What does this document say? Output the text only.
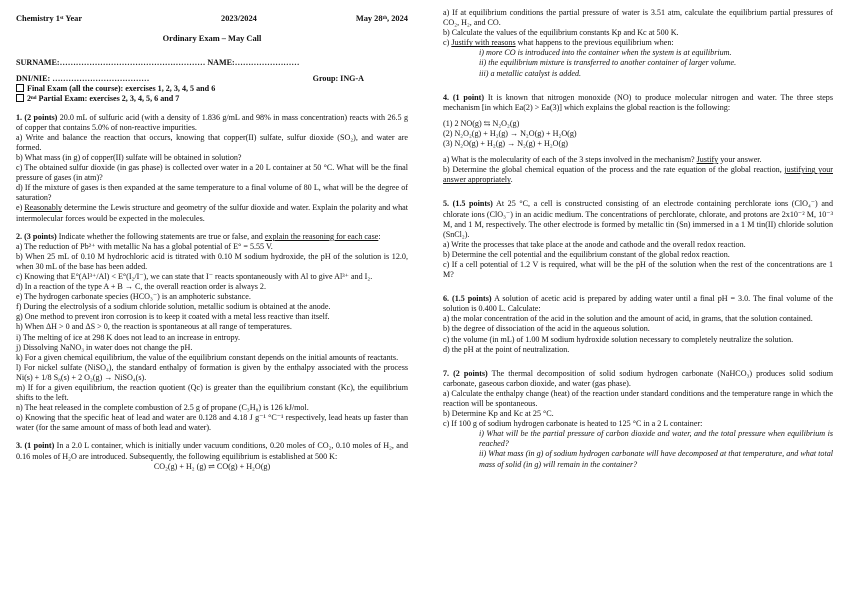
Chemistry 1ˢᵗ Year	2023/2024	May 28ᵗʰ, 2024
Ordinary Exam – May Call
SURNAME:……………………………………………… NAME:……………………
DNI/NIE: ………………………………	Group: ING-A
Final Exam (all the course): exercises 1, 2, 3, 4, 5 and 6
2ⁿᵈ Partial Exam: exercises 2, 3, 4, 5, 6 and 7

1. (2 points) 20.0 mL of sulfuric acid (with a density of 1.836 g/mL and 98% in mass concentration) reacts with 26.5 g of copper that contains 5.0% of non-reactive impurities.

a) Write and balance the reaction that occurs, knowing that copper(II) sulfate, sulfur dioxide (SO₂), and water are formed.

b) What mass (in g) of copper(II) sulfate will be obtained in solution?

c) The obtained sulfur dioxide (in gas phase) is collected over water in a 20 L container at 50 °C. What will be the final pressure of gases (in atm)?

d) If the mixture of gases is then expanded at the same temperature to a final volume of 80 L, what will be the degree of saturation?

e) Reasonably determine the Lewis structure and geometry of the sulfur dioxide and water. Explain the polarity and what intermolecular forces would be expected in the molecules.

2. (3 points) Indicate whether the following statements are true or false, and explain the reasoning for each case:

a) The reduction of Pb²⁺ with metallic Na has a global potential of E° = 5.55 V.

b) When 25 mL of 0.10 M hydrochloric acid is titrated with 0.10 M sodium hydroxide, the pH of the solution is 12.0, when 30 mL of the base has been added.

c) Knowing that E°(Al³⁺/Al) < E°(I₂/I⁻), we can state that I⁻ reacts spontaneously with Al to give Al³⁺ and I₂.

d) In a reaction of the type A + B → C, the overall reaction order is always 2.

e) The hydrogen carbonate species (HCO₃⁻) is an amphoteric substance.

f) During the electrolysis of a sodium chloride solution, metallic sodium is obtained at the anode.

g) One method to prevent iron corrosion is to keep it coated with a metal less reactive than itself.

h) When ΔH > 0 and ΔS > 0, the reaction is spontaneous at all range of temperatures.

i) The melting of ice at 298 K does not lead to an increase in entropy.

j) Dissolving NaNO₃ in water does not change the pH.

k) For a given chemical equilibrium, the value of the equilibrium constant depends on the initial amounts of reactants.

l) For nickel sulfate (NiSO₄), the standard enthalpy of formation is given by the enthalpy associated with the process Ni(s) + 1/8 S₈(s) + 2 O₂(g) → NiSO₄(s).

m) If for a given equilibrium, the reaction quotient (Qc) is greater than the equilibrium constant (Kc), the equilibrium shifts to the left.

n) The heat released in the complete combustion of 2.5 g of propane (C₃H₈) is 126 kJ/mol.

o) Knowing that the specific heat of lead and water are 0.128 and 4.18 J g⁻¹ °C⁻¹ respectively, lead heats up faster than water (for the same amount of mass of both lead and water).

3. (1 point) In a 2.0 L container, which is initially under vacuum conditions, 0.20 moles of CO₂, 0.10 moles of H₂, and 0.16 moles of H₂O are introduced. Subsequently, the following equilibrium is established at 500 K:

CO₂(g) + H₂ (g) ⇌ CO(g) + H₂O(g)

a) If at equilibrium conditions the partial pressure of water is 3.51 atm, calculate the equilibrium partial pressures of CO₂, H₂, and CO.

b) Calculate the values of the equilibrium constants Kp and Kc at 500 K.

c) Justify with reasons what happens to the previous equilibrium when:

i) more CO is introduced into the container when the system is at equilibrium.

ii) the equilibrium mixture is transferred to another container of larger volume.

iii) a metallic catalyst is added.

4. (1 point) It is known that nitrogen monoxide (NO) to produce molecular nitrogen and water. The three steps mechanism [in which Ea(2) > Ea(3)] which explains the global reaction is the following:

(1) 2 NO(g) ⇆ N₂O₂(g)

(2) N₂O₂(g) + H₂(g) → N₂O(g) + H₂O(g)

(3) N₂O(g) + H₂(g) → N₂(g) + H₂O(g)

a) What is the molecularity of each of the 3 steps involved in the mechanism? Justify your answer.

b) Determine the global chemical equation of the process and the rate equation of the global reaction, justifying your answer appropriately.

5. (1.5 points) At 25 °C, a cell is constructed consisting of an electrode containing perchlorate ions (ClO₄⁻) and chlorate ions (ClO₃⁻) in an acidic medium. The concentrations of perchlorate, chlorate, and protons are 2x10⁻² M, 10⁻³ M, and 1 M, respectively. The other electrode is formed by metallic tin (Sn) immersed in a 1 M tin(II) chloride solution (SnCl₂).

a) Write the processes that take place at the anode and cathode and the overall redox reaction.

b) Determine the cell potential and the equilibrium constant of the global redox reaction.

c) If a cell potential of 1.2 V is required, what will be the pH of the solution when the rest of the concentrations are 1 M?

6. (1.5 points) A solution of acetic acid is prepared by adding water until a final pH = 3.0. The final volume of the solution is 0.400 L. Calculate:

a) the molar concentration of the acid in the solution and the amount of acid, in grams, that the solution contained.

b) the degree of dissociation of the acid in the aqueous solution.

c) the volume (in mL) of 1.00 M sodium hydroxide solution necessary to completely neutralize the solution.

d) the pH at the point of neutralization.

7. (2 points) The thermal decomposition of solid sodium hydrogen carbonate (NaHCO₃) produces solid sodium carbonate, gaseous carbon dioxide, and water (gas phase).

a) Calculate the enthalpy change (heat) of the reaction under standard conditions and the temperature range in which the reaction will be spontaneous.

b) Determine Kp and Kc at 25 °C.

c) If 100 g of sodium hydrogen carbonate is heated to 125 °C in a 2 L container:

i) What will be the partial pressure of carbon dioxide and water, and the total pressure when equilibrium is reached?

ii) What mass (in g) of sodium hydrogen carbonate will have decomposed at that temperature, and what total mass of solid (in g) will remain in the container?
